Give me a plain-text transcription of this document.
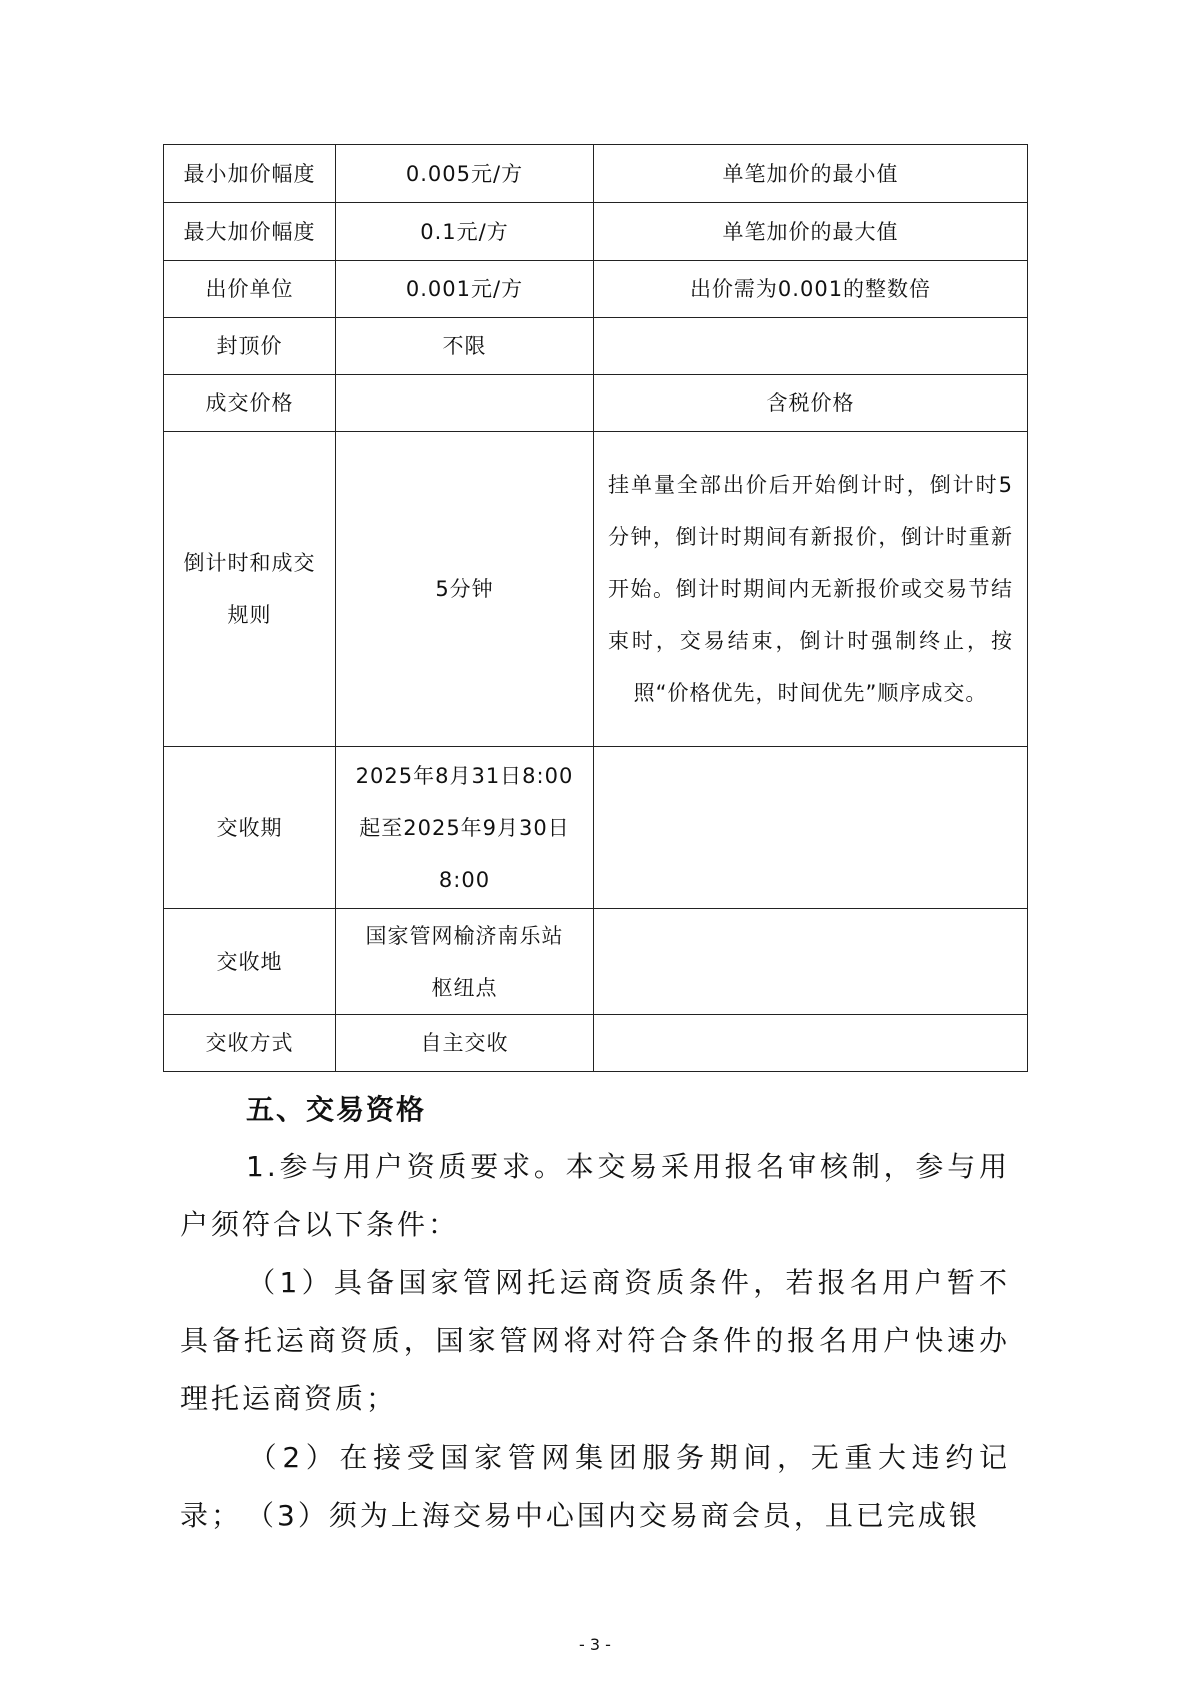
最小加价幅度	0.005元/方	单笔加价的最小值
最大加价幅度	0.1元/方	单笔加价的最大值
出价单位	0.001元/方	出价需为0.001的整数倍
封顶价	不限	
成交价格		含税价格

倒计时和成交
规则	5分钟	挂单量全部出价后开始倒计时，倒计时5分钟，倒计时期间有新报价，倒计时重新开始。倒计时期间内无新报价或交易节结束时，交易结束，倒计时强制终止，按照“价格优先，时间优先”顺序成交。
交收期	2025年8月31日8:00
起至2025年9月30日
8:00	

交收地	国家管网榆济南乐站
枢纽点	

交收方式	自主交收	
五、交易资格
1.参与用户资质要求。本交易采用报名审核制，参与用户须符合以下条件：
（1）具备国家管网托运商资质条件，若报名用户暂不具备托运商资质，国家管网将对符合条件的报名用户快速办理托运商资质；
（2）在接受国家管网集团服务期间，无重大违约记录； （3）须为上海交易中心国内交易商会员，且已完成银
- 3 -
